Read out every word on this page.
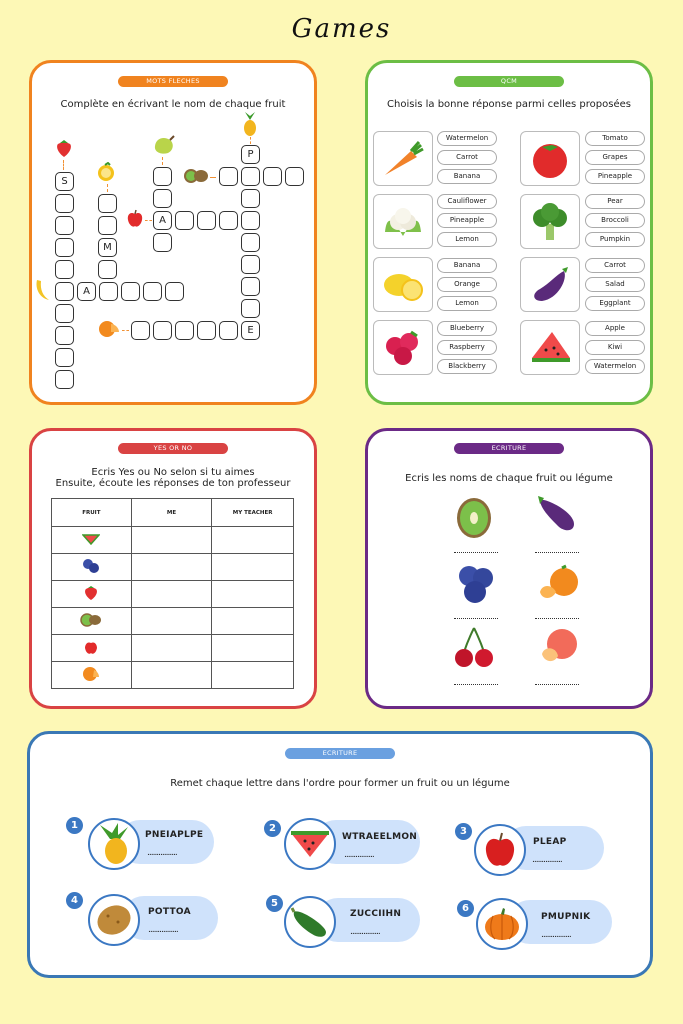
Games
MOTS FLECHES
Complète en écrivant le nom de chaque fruit
S
A
M
A
P
E
QCM
Choisis la bonne réponse parmi celles proposées
Watermelon
Carrot
Banana
Tomato
Grapes
Pineapple
Cauliflower
Pineapple
Lemon
Pear
Broccoli
Pumpkin
Banana
Orange
Lemon
Carrot
Salad
Eggplant
Blueberry
Raspberry
Blackberry
Apple
Kiwi
Watermelon
YES OR NO
Ecris Yes ou No selon si tu aimes
Ensuite, écoute les réponses de ton professeur
FRUIT	ME	MY TEACHER

ECRITURE
Ecris les noms de chaque fruit ou légume
ECRITURE
Remet chaque lettre dans l'ordre pour former un fruit ou un légume
1
PNEIAPLPE
................
2
WTRAEELMON
................
3
PLEAP
................
4
POTTOA
................
5
ZUCCIIHN
................
6
PMUPNIK
................
